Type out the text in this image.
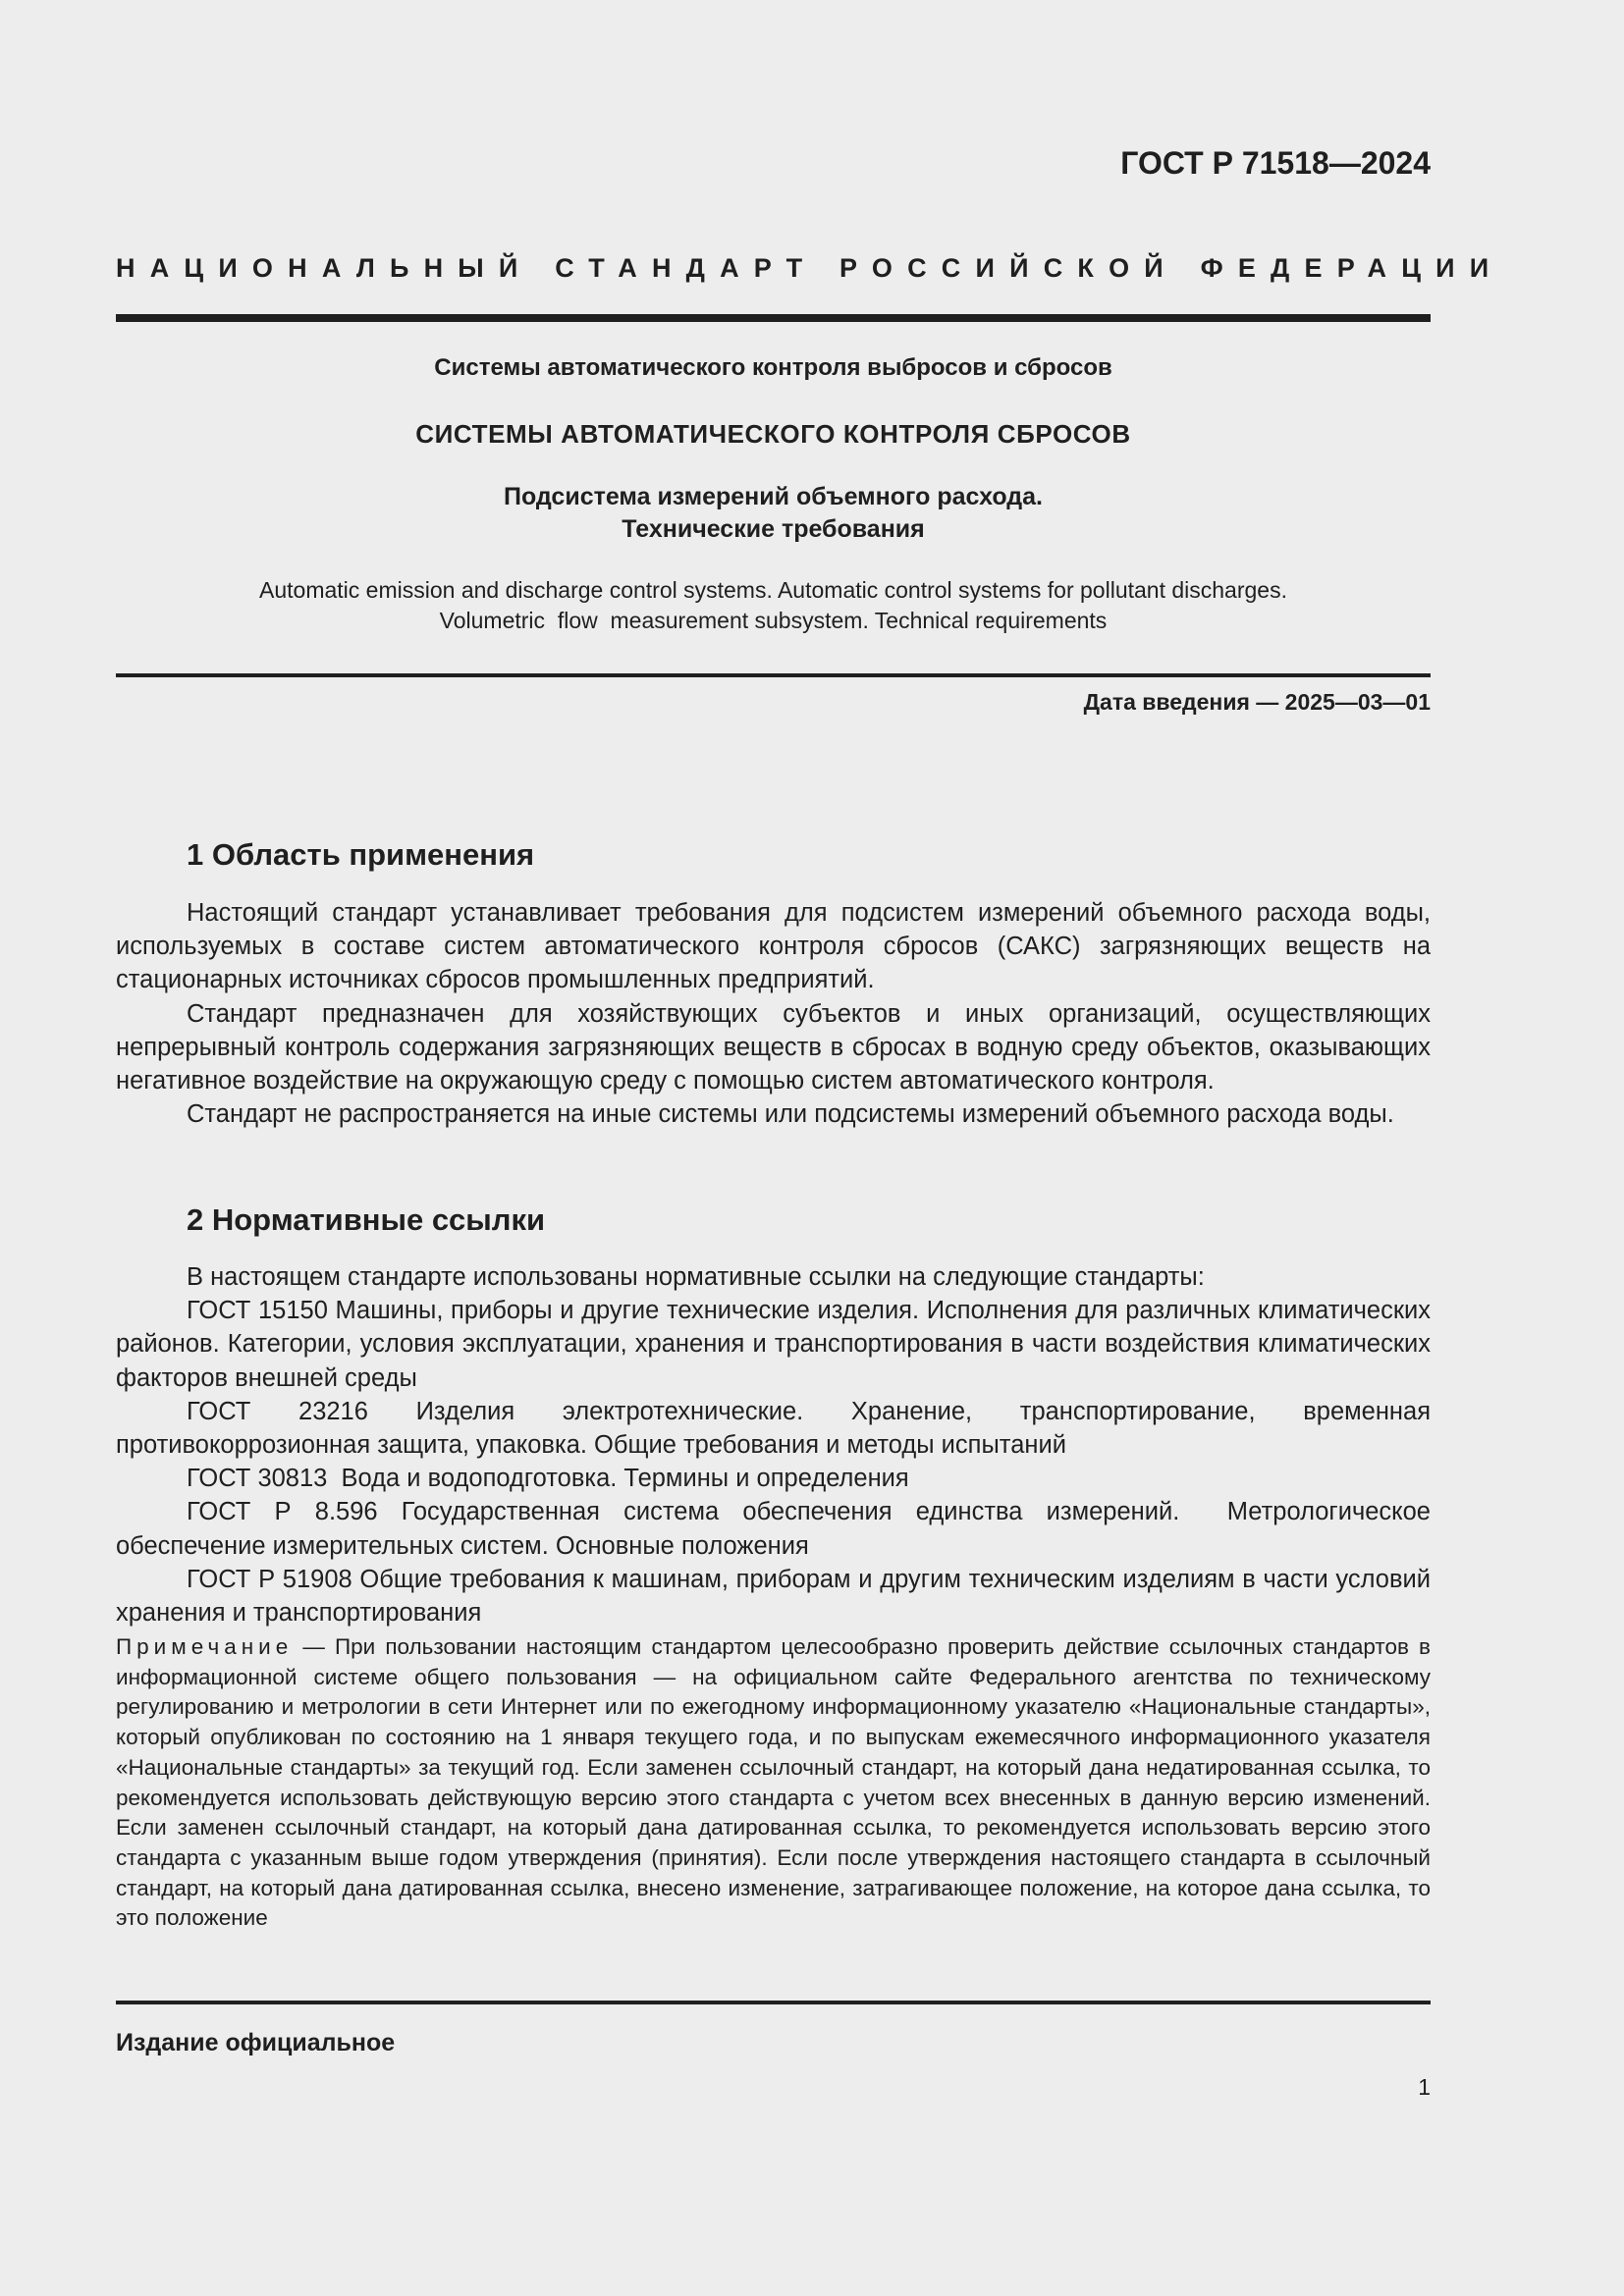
ГОСТ Р 71518—2024
НАЦИОНАЛЬНЫЙ СТАНДАРТ РОССИЙСКОЙ ФЕДЕРАЦИИ
Системы автоматического контроля выбросов и сбросов
СИСТЕМЫ АВТОМАТИЧЕСКОГО КОНТРОЛЯ СБРОСОВ
Подсистема измерений объемного расхода.
Технические требования
Automatic emission and discharge control systems. Automatic control systems for pollutant discharges.
Volumetric  flow  measurement subsystem. Technical requirements
Дата введения — 2025—03—01
1 Область применения

Настоящий стандарт устанавливает требования для подсистем измерений объемного расхода воды, используемых в составе систем автоматического контроля сбросов (САКС) загрязняющих веществ на стационарных источниках сбросов промышленных предприятий.

Стандарт предназначен для хозяйствующих субъектов и иных организаций, осуществляющих непрерывный контроль содержания загрязняющих веществ в сбросах в водную среду объектов, оказывающих негативное воздействие на окружающую среду с помощью систем автоматического контроля.

Стандарт не распространяется на иные системы или подсистемы измерений объемного расхода воды.

2 Нормативные ссылки

В настоящем стандарте использованы нормативные ссылки на следующие стандарты:

ГОСТ 15150 Машины, приборы и другие технические изделия. Исполнения для различных климатических районов. Категории, условия эксплуатации, хранения и транспортирования в части воздействия климатических факторов внешней среды

ГОСТ 23216 Изделия электротехнические. Хранение, транспортирование, временная противокоррозионная защита, упаковка. Общие требования и методы испытаний

ГОСТ 30813  Вода и водоподготовка. Термины и определения

ГОСТ Р 8.596 Государственная система обеспечения единства измерений.  Метрологическое обеспечение измерительных систем. Основные положения

ГОСТ Р 51908 Общие требования к машинам, приборам и другим техническим изделиям в части условий хранения и транспортирования

Примечание — При пользовании настоящим стандартом целесообразно проверить действие ссылочных стандартов в информационной системе общего пользования — на официальном сайте Федерального агентства по техническому регулированию и метрологии в сети Интернет или по ежегодному информационному указателю «Национальные стандарты», который опубликован по состоянию на 1 января текущего года, и по выпускам ежемесячного информационного указателя «Национальные стандарты» за текущий год. Если заменен ссылочный стандарт, на который дана недатированная ссылка, то рекомендуется использовать действующую версию этого стандарта с учетом всех внесенных в данную версию изменений. Если заменен ссылочный стандарт, на который дана датированная ссылка, то рекомендуется использовать версию этого стандарта с указанным выше годом утверждения (принятия). Если после утверждения настоящего стандарта в ссылочный стандарт, на который дана датированная ссылка, внесено изменение, затрагивающее положение, на которое дана ссылка, то это положение
Издание официальное
1
